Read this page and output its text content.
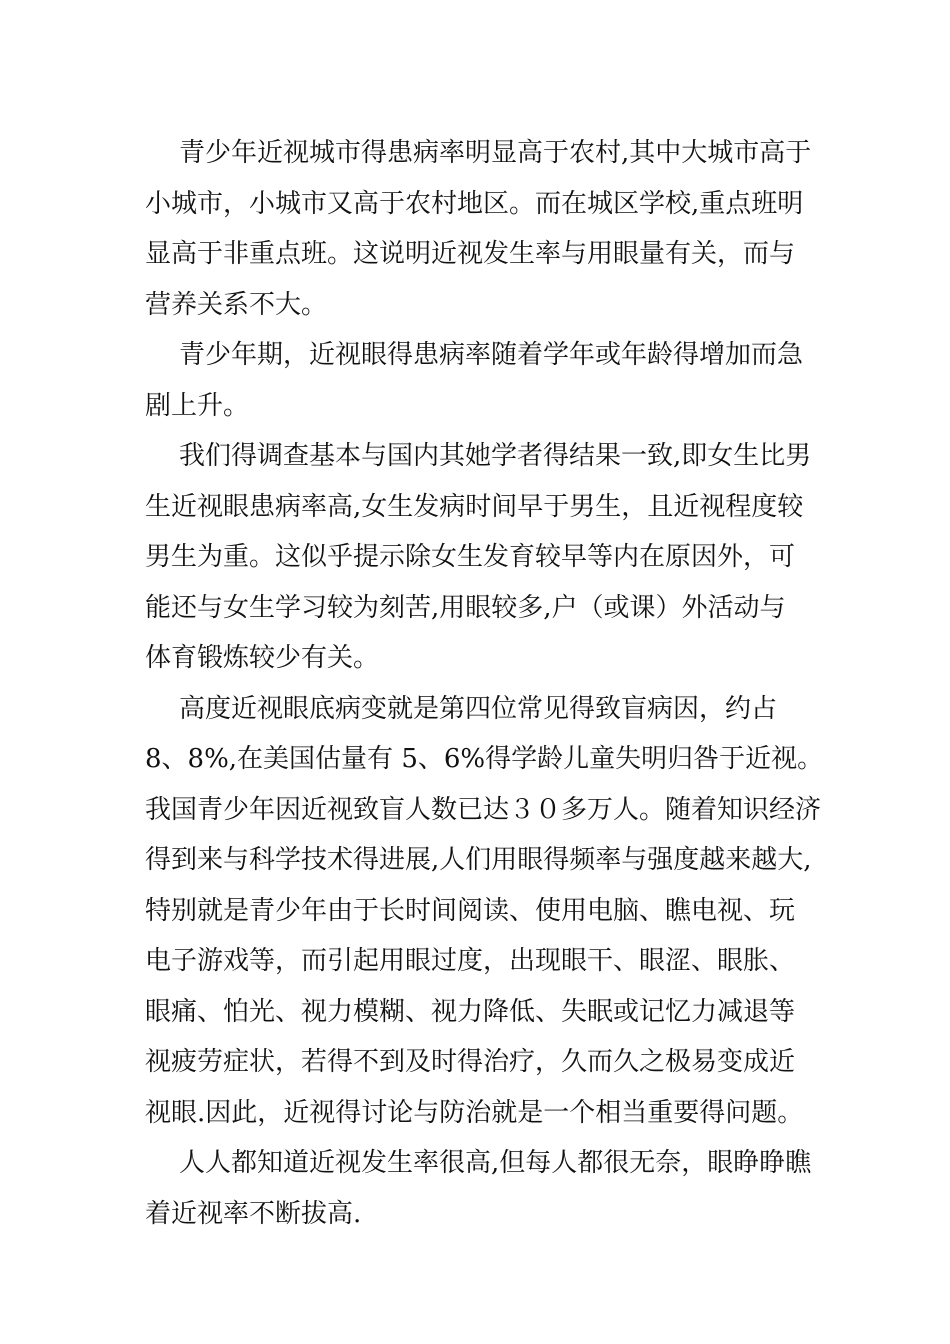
青少年近视城市得患病率明显高于农村,其中大城市高于
小城市，小城市又高于农村地区。而在城区学校,重点班明
显高于非重点班。这说明近视发生率与用眼量有关，而与
营养关系不大。

青少年期，近视眼得患病率随着学年或年龄得增加而急
剧上升。

我们得调查基本与国内其她学者得结果一致,即女生比男
生近视眼患病率高,女生发病时间早于男生，且近视程度较
男生为重。这似乎提示除女生发育较早等内在原因外，可
能还与女生学习较为刻苦,用眼较多,户（或课）外活动与
体育锻炼较少有关。

高度近视眼底病变就是第四位常见得致盲病因，约占
8、8%,在美国估量有 5、6%得学龄儿童失明归咎于近视。
我国青少年因近视致盲人数已达３０多万人。随着知识经济
得到来与科学技术得进展,人们用眼得频率与强度越来越大,
特别就是青少年由于长时间阅读、使用电脑、瞧电视、玩
电子游戏等，而引起用眼过度，出现眼干、眼涩、眼胀、
眼痛、怕光、视力模糊、视力降低、失眠或记忆力减退等
视疲劳症状，若得不到及时得治疗，久而久之极易变成近
视眼.因此，近视得讨论与防治就是一个相当重要得问题。

人人都知道近视发生率很高,但每人都很无奈，眼睁睁瞧
着近视率不断拔高.
